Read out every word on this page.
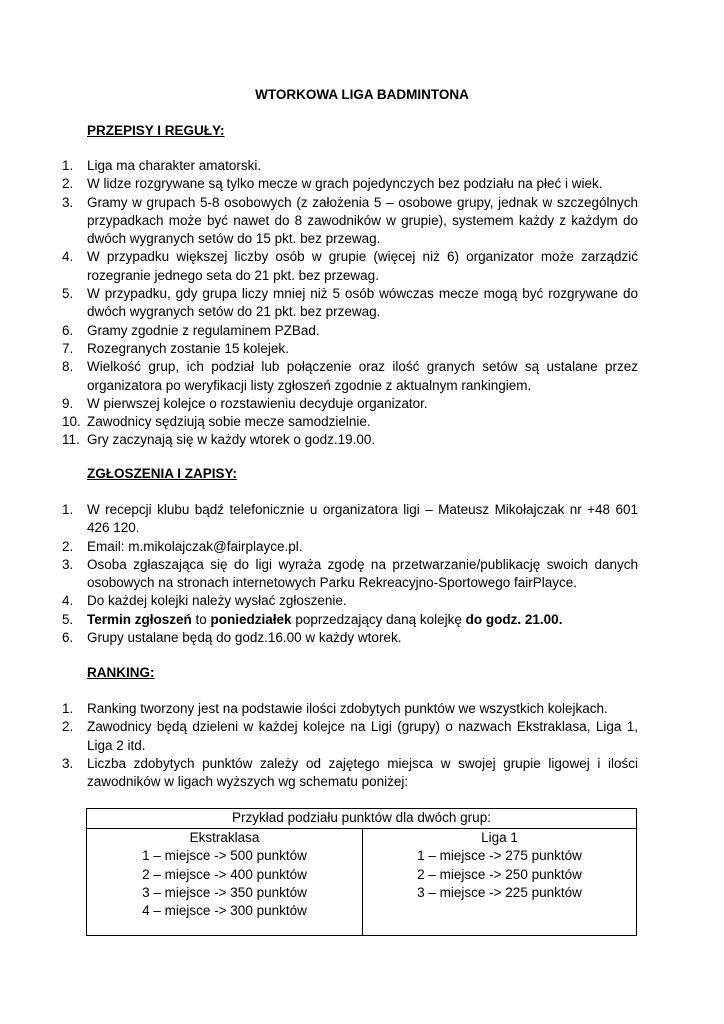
WTORKOWA LIGA BADMINTONA
PRZEPISY I REGUŁY:
1. Liga ma charakter amatorski.
2. W lidze rozgrywane są tylko mecze w grach pojedynczych bez podziału na płeć i wiek.
3. Gramy w grupach 5-8 osobowych (z założenia 5 – osobowe grupy, jednak w szczególnych przypadkach może być nawet do 8 zawodników w grupie), systemem każdy z każdym do dwóch wygranych setów do 15 pkt. bez przewag.
4. W przypadku większej liczby osób w grupie (więcej niż 6) organizator może zarządzić rozegranie jednego seta do 21 pkt. bez przewag.
5. W przypadku, gdy grupa liczy mniej niż 5 osób wówczas mecze mogą być rozgrywane do dwóch wygranych setów do 21 pkt. bez przewag.
6. Gramy zgodnie z regulaminem PZBad.
7. Rozegranych zostanie 15 kolejek.
8. Wielkość grup, ich podział lub połączenie oraz ilość granych setów są ustalane przez organizatora po weryfikacji listy zgłoszeń zgodnie z aktualnym rankingiem.
9. W pierwszej kolejce o rozstawieniu decyduje organizator.
10. Zawodnicy sędziują sobie mecze samodzielnie.
11. Gry zaczynają się w każdy wtorek o godz.19.00.
ZGŁOSZENIA I ZAPISY:
1. W recepcji klubu bądź telefonicznie u organizatora ligi – Mateusz Mikołajczak nr +48 601 426 120.
2. Email: m.mikolajczak@fairplayce.pl.
3. Osoba zgłaszająca się do ligi wyraża zgodę na przetwarzanie/publikację swoich danych osobowych na stronach internetowych Parku Rekreacyjno-Sportowego fairPlayce.
4. Do każdej kolejki należy wysłać zgłoszenie.
5. Termin zgłoszeń to poniedziałek poprzedzający daną kolejkę do godz. 21.00.
6. Grupy ustalane będą do godz.16.00 w każdy wtorek.
RANKING:
1. Ranking tworzony jest na podstawie ilości zdobytych punktów we wszystkich kolejkach.
2. Zawodnicy będą dzieleni w każdej kolejce na Ligi (grupy) o nazwach Ekstraklasa, Liga 1, Liga 2 itd.
3. Liczba zdobytych punktów zależy od zajętego miejsca w swojej grupie ligowej i ilości zawodników w ligach wyższych wg schematu poniżej:
Przykład podziału punktów dla dwóch grup:
Ekstraklasa
1 – miejsce -> 500 punktów
2 – miejsce -> 400 punktów
3 – miejsce -> 350 punktów
4 – miejsce -> 300 punktów
Liga 1
1 – miejsce -> 275 punktów
2 – miejsce -> 250 punktów
3 – miejsce -> 225 punktów
